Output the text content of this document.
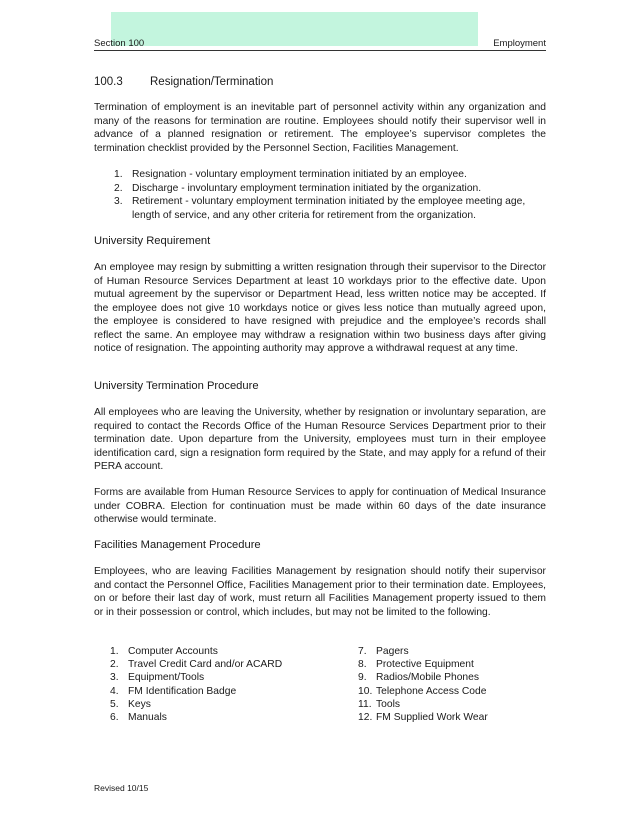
Section 100	Employment
100.3 Resignation/Termination

Termination of employment is an inevitable part of personnel activity within any organization and many of the reasons for termination are routine. Employees should notify their supervisor well in advance of a planned resignation or retirement. The employee’s supervisor completes the termination checklist provided by the Personnel Section, Facilities Management.

1. Resignation - voluntary employment termination initiated by an employee.
2. Discharge - involuntary employment termination initiated by the organization.
3. Retirement - voluntary employment termination initiated by the employee meeting age, length of service, and any other criteria for retirement from the organization.
University Requirement

An employee may resign by submitting a written resignation through their supervisor to the Director of Human Resource Services Department at least 10 workdays prior to the effective date. Upon mutual agreement by the supervisor or Department Head, less written notice may be accepted. If the employee does not give 10 workdays notice or gives less notice than mutually agreed upon, the employee is considered to have resigned with prejudice and the employee’s records shall reflect the same. An employee may withdraw a resignation within two business days after giving notice of resignation. The appointing authority may approve a withdrawal request at any time.

University Termination Procedure

All employees who are leaving the University, whether by resignation or involuntary separation, are required to contact the Records Office of the Human Resource Services Department prior to their termination date. Upon departure from the University, employees must turn in their employee identification card, sign a resignation form required by the State, and may apply for a refund of their PERA account.

Forms are available from Human Resource Services to apply for continuation of Medical Insurance under COBRA. Election for continuation must be made within 60 days of the date insurance otherwise would terminate.

Facilities Management Procedure

Employees, who are leaving Facilities Management by resignation should notify their supervisor and contact the Personnel Office, Facilities Management prior to their termination date. Employees, on or before their last day of work, must return all Facilities Management property issued to them or in their possession or control, which includes, but may not be limited to the following.

1. Computer Accounts
2. Travel Credit Card and/or ACARD
3. Equipment/Tools
4. FM Identification Badge
5. Keys
6. Manuals
7. Pagers
8. Protective Equipment
9. Radios/Mobile Phones
10. Telephone Access Code
11. Tools
12. FM Supplied Work Wear
Revised 10/15
